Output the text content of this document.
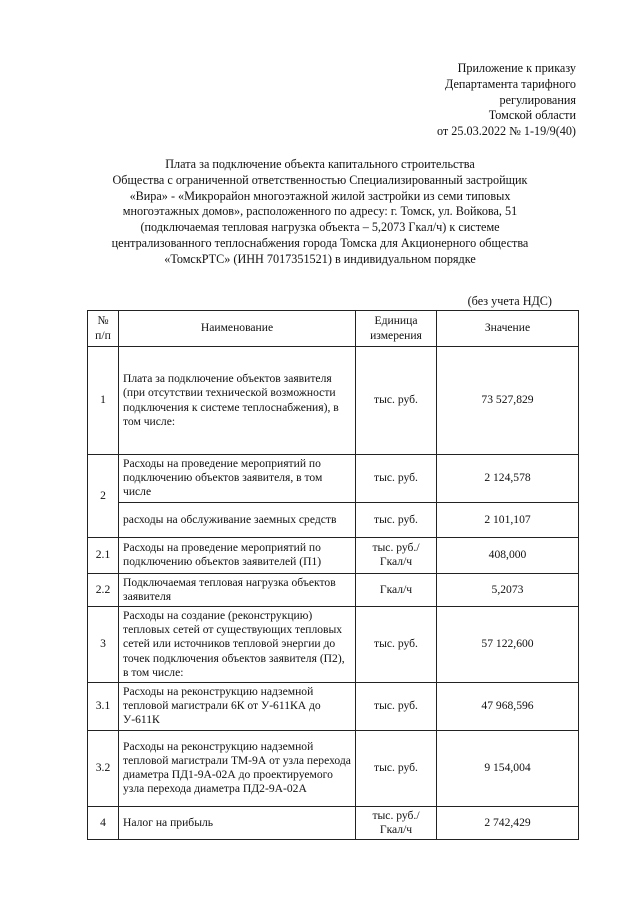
Приложение к приказу
Департамента тарифного
регулирования
Томской области
от 25.03.2022 № 1-19/9(40)
Плата за подключение объекта капитального строительства
Общества с ограниченной ответственностью Специализированный застройщик
«Вира» - «Микрорайон многоэтажной жилой застройки из семи типовых
многоэтажных домов», расположенного по адресу: г. Томск, ул. Войкова, 51
(подключаемая тепловая нагрузка объекта – 5,2073 Гкал/ч) к системе
централизованного теплоснабжения города Томска для Акционерного общества
«ТомскРТС» (ИНН 7017351521) в индивидуальном порядке
(без учета НДС)
№ п/п	Наименование	Единица измерения	Значение
1	Плата за подключение объектов заявителя (при отсутствии технической возможности подключения к системе теплоснабжения), в том числе:	тыс. руб.	73 527,829
2	Расходы на проведение мероприятий по подключению объектов заявителя, в том числе	тыс. руб.	2 124,578
	расходы на обслуживание заемных средств	тыс. руб.	2 101,107
2.1	Расходы на проведение мероприятий по подключению объектов заявителей (П1)	тыс. руб./ Гкал/ч	408,000
2.2	Подключаемая тепловая нагрузка объектов заявителя	Гкал/ч	5,2073
3	Расходы на создание (реконструкцию) тепловых сетей от существующих тепловых сетей или источников тепловой энергии до точек подключения объектов заявителя (П2), в том числе:	тыс. руб.	57 122,600
3.1	Расходы на реконструкцию надземной тепловой магистрали 6К от У-611КА до У-611К	тыс. руб.	47 968,596
3.2	Расходы на реконструкцию надземной тепловой магистрали ТМ-9А от узла перехода диаметра ПД1-9А-02А до проектируемого узла перехода диаметра ПД2-9А-02А	тыс. руб.	9 154,004
4	Налог на прибыль	тыс. руб./ Гкал/ч	2 742,429
